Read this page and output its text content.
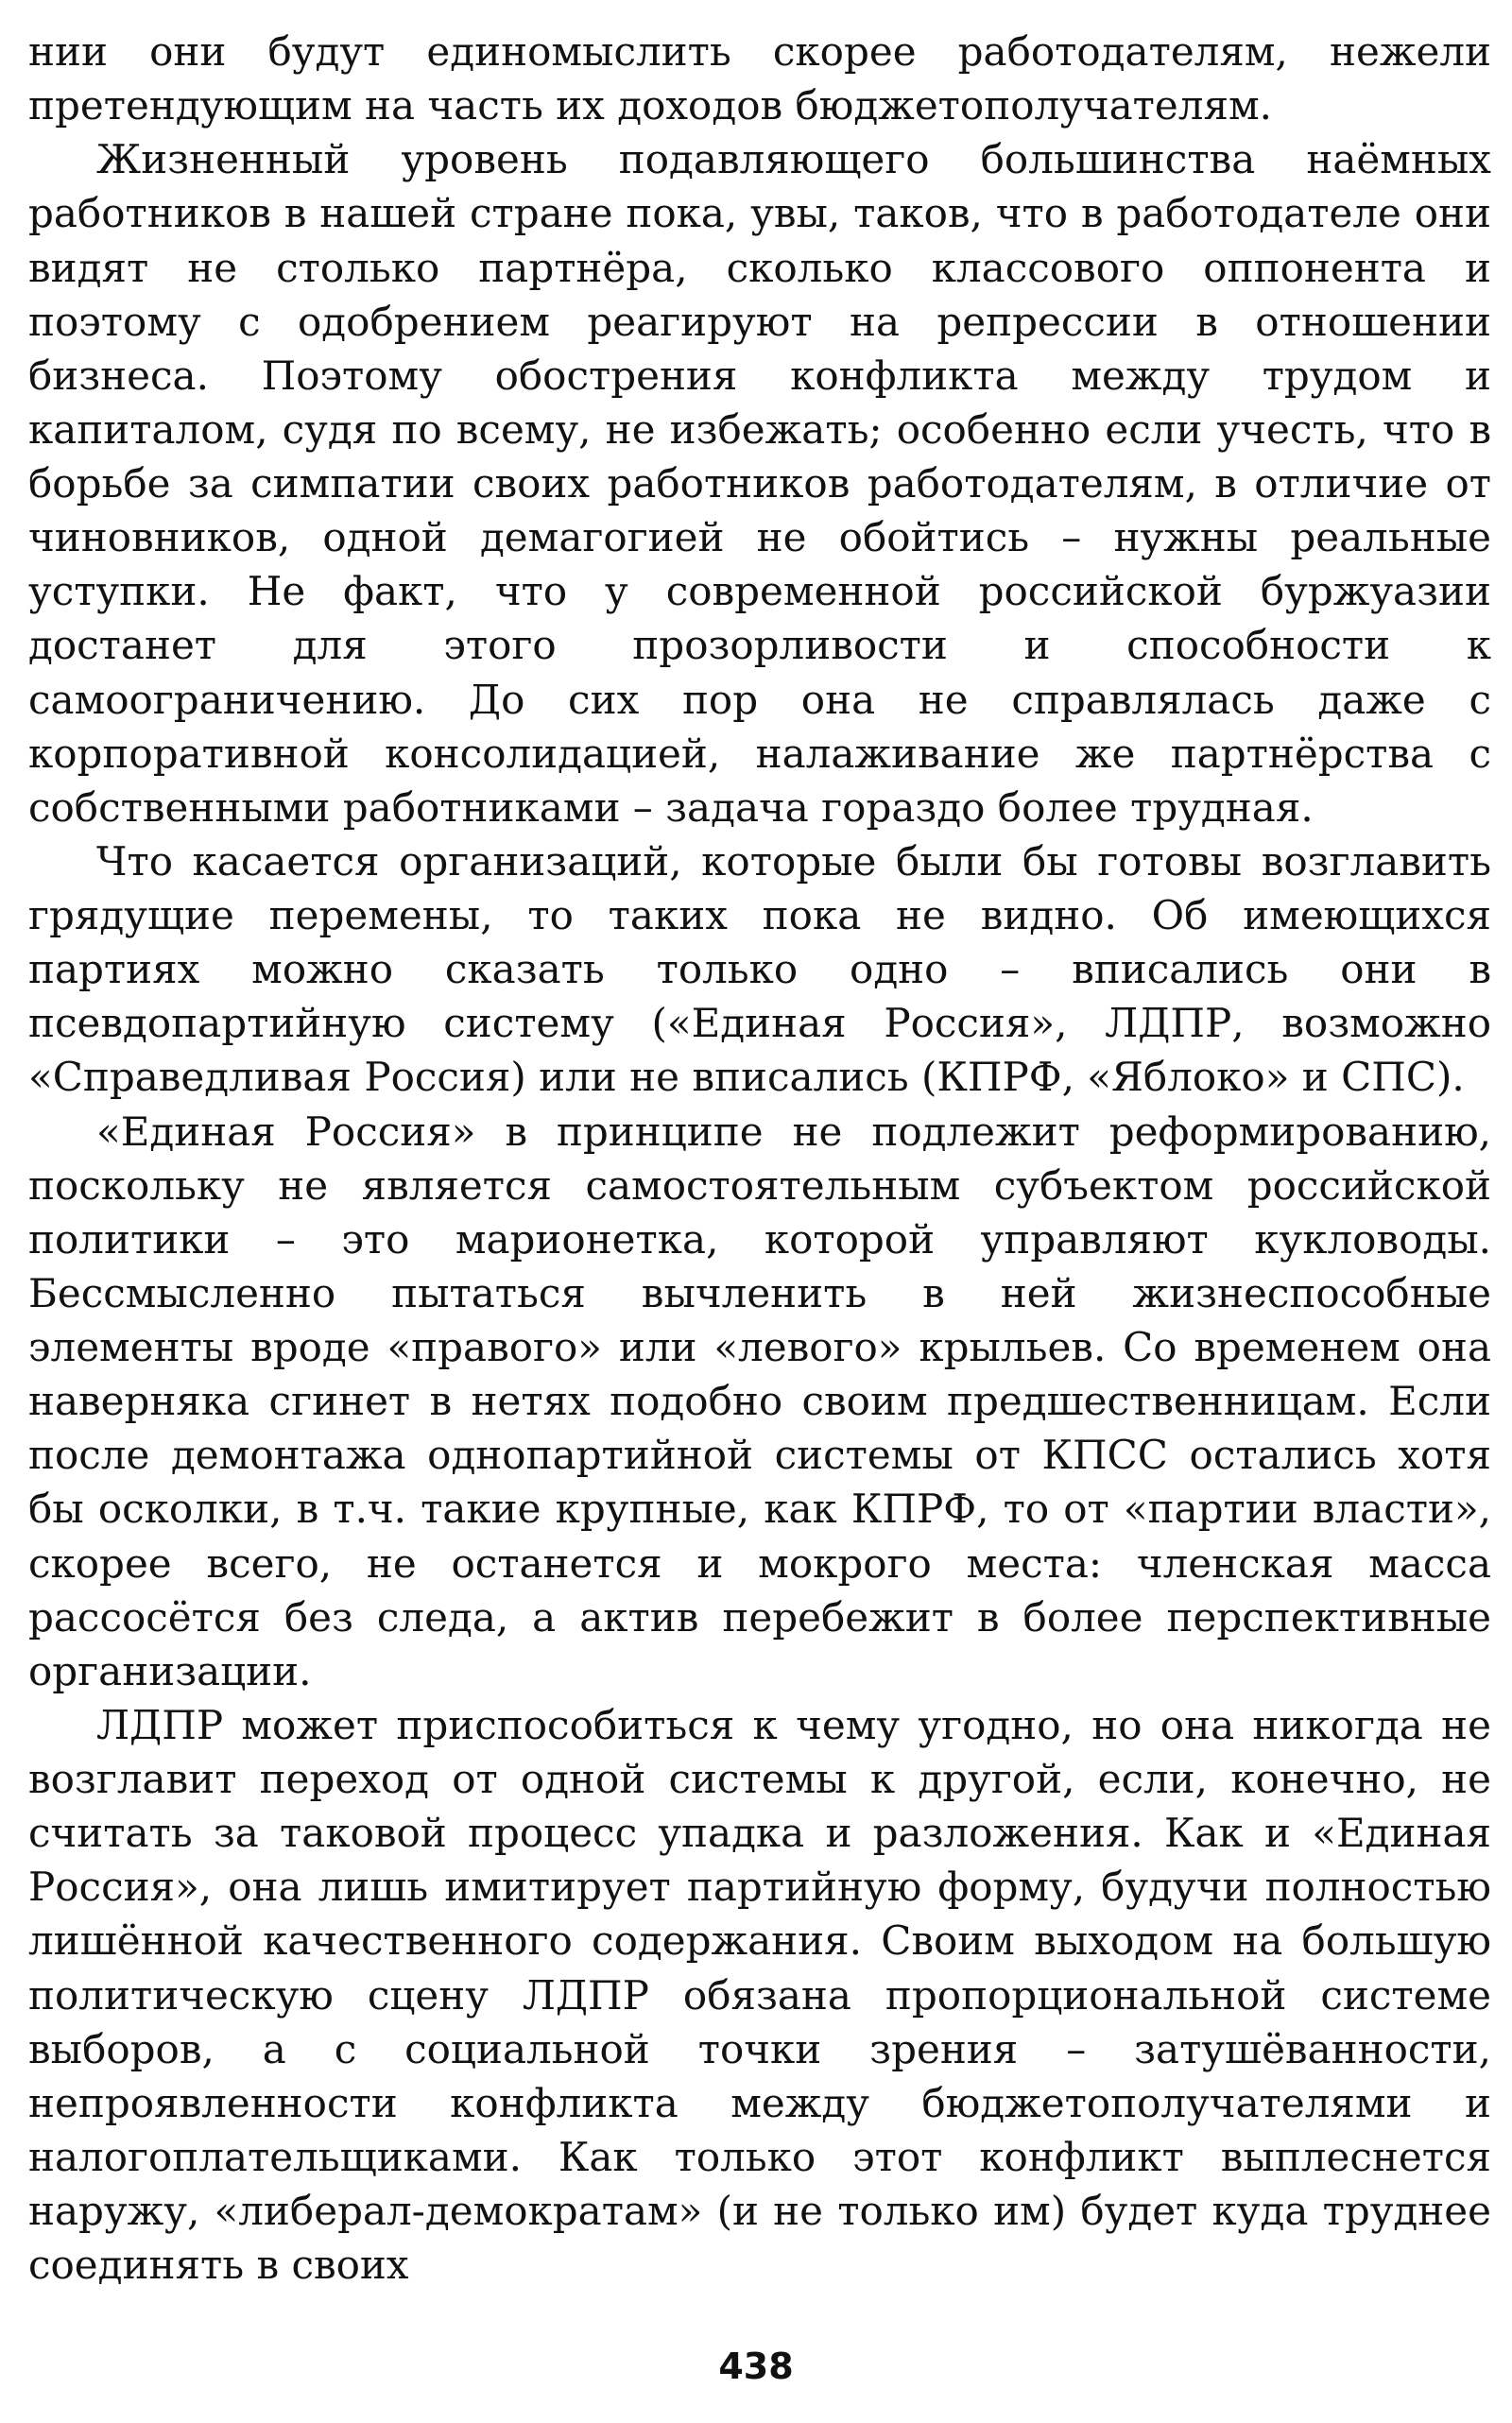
нии они будут единомыслить скорее работодателям, нежели претендующим на часть их доходов бюджетополучателям.

Жизненный уровень подавляющего большинства наёмных работников в нашей стране пока, увы, таков, что в работодателе они видят не столько партнёра, сколько классового оппонента и поэтому с одобрением реагируют на репрессии в отношении бизнеса. Поэтому обострения конфликта между трудом и капиталом, судя по всему, не избежать; особенно если учесть, что в борьбе за симпатии своих работников работодателям, в отличие от чиновников, одной демагогией не обойтись – нужны реальные уступки. Не факт, что у современной российской буржуазии достанет для этого прозорливости и способности к самоограничению. До сих пор она не справлялась даже с корпоративной консолидацией, налаживание же партнёрства с собственными работниками – задача гораздо более трудная.

Что касается организаций, которые были бы готовы возглавить грядущие перемены, то таких пока не видно. Об имеющихся партиях можно сказать только одно – вписались они в псевдопартийную систему («Единая Россия», ЛДПР, возможно «Справедливая Россия) или не вписались (КПРФ, «Яблоко» и СПС).

«Единая Россия» в принципе не подлежит реформированию, поскольку не является самостоятельным субъектом российской политики – это марионетка, которой управляют кукловоды. Бессмысленно пытаться вычленить в ней жизнеспособные элементы вроде «правого» или «левого» крыльев. Со временем она наверняка сгинет в нетях подобно своим предшественницам. Если после демонтажа однопартийной системы от КПСС остались хотя бы осколки, в т.ч. такие крупные, как КПРФ, то от «партии власти», скорее всего, не останется и мокрого места: членская масса рассосётся без следа, а актив перебежит в более перспективные организации.

ЛДПР может приспособиться к чему угодно, но она никогда не возглавит переход от одной системы к другой, если, конечно, не считать за таковой процесс упадка и разложения. Как и «Единая Россия», она лишь имитирует партийную форму, будучи полностью лишённой качественного содержания. Своим выходом на большую политическую сцену ЛДПР обязана пропорциональной системе выборов, а с социальной точки зрения – затушёванности, непроявленности конфликта между бюджетополучателями и налогоплательщиками. Как только этот конфликт выплеснется наружу, «либерал-демократам» (и не только им) будет куда труднее соединять в своих

438
